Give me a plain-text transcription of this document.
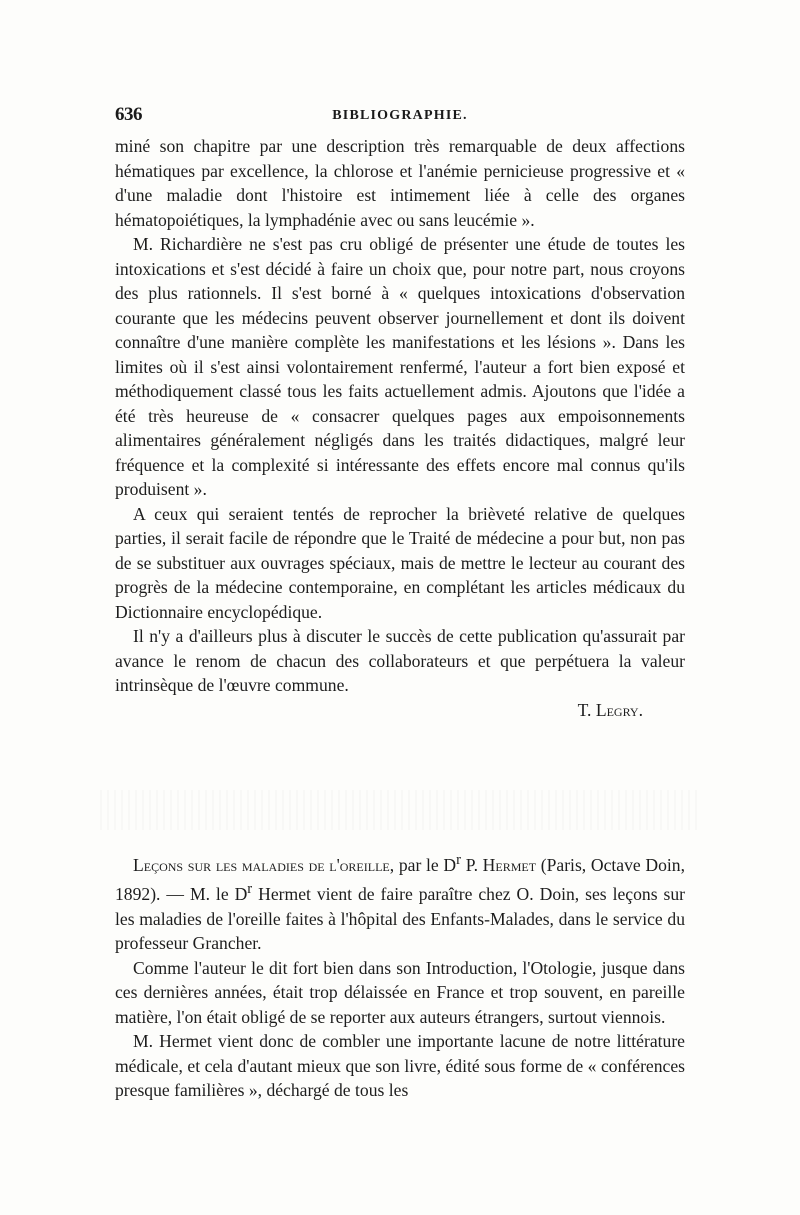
636	BIBLIOGRAPHIE.

miné son chapitre par une description très remarquable de deux affections hématiques par excellence, la chlorose et l'anémie pernicieuse progressive et « d'une maladie dont l'histoire est intimement liée à celle des organes hématopoiétiques, la lymphadénie avec ou sans leucémie ».

M. Richardière ne s'est pas cru obligé de présenter une étude de toutes les intoxications et s'est décidé à faire un choix que, pour notre part, nous croyons des plus rationnels. Il s'est borné à « quelques intoxications d'observation courante que les médecins peuvent observer journellement et dont ils doivent connaître d'une manière complète les manifestations et les lésions ». Dans les limites où il s'est ainsi volontairement renfermé, l'auteur a fort bien exposé et méthodiquement classé tous les faits actuellement admis. Ajoutons que l'idée a été très heureuse de « consacrer quelques pages aux empoisonnements alimentaires généralement négligés dans les traités didactiques, malgré leur fréquence et la complexité si intéressante des effets encore mal connus qu'ils produisent ».

A ceux qui seraient tentés de reprocher la brièveté relative de quelques parties, il serait facile de répondre que le Traité de médecine a pour but, non pas de se substituer aux ouvrages spéciaux, mais de mettre le lecteur au courant des progrès de la médecine contemporaine, en complétant les articles médicaux du Dictionnaire encyclopédique.

Il n'y a d'ailleurs plus à discuter le succès de cette publication qu'assurait par avance le renom de chacun des collaborateurs et que perpétuera la valeur intrinsèque de l'œuvre commune.

T. Legry.

Leçons sur les maladies de l'oreille, par le $D^r$ P. Hermet (Paris, Octave Doin, 1892). — M. le $D^r$ Hermet vient de faire paraître chez O. Doin, ses leçons sur les maladies de l'oreille faites à l'hôpital des Enfants-Malades, dans le service du professeur Grancher.

Comme l'auteur le dit fort bien dans son Introduction, l'Otologie, jusque dans ces dernières années, était trop délaissée en France et trop souvent, en pareille matière, l'on était obligé de se reporter aux auteurs étrangers, surtout viennois.

M. Hermet vient donc de combler une importante lacune de notre littérature médicale, et cela d'autant mieux que son livre, édité sous forme de « conférences presque familières », déchargé de tous les
